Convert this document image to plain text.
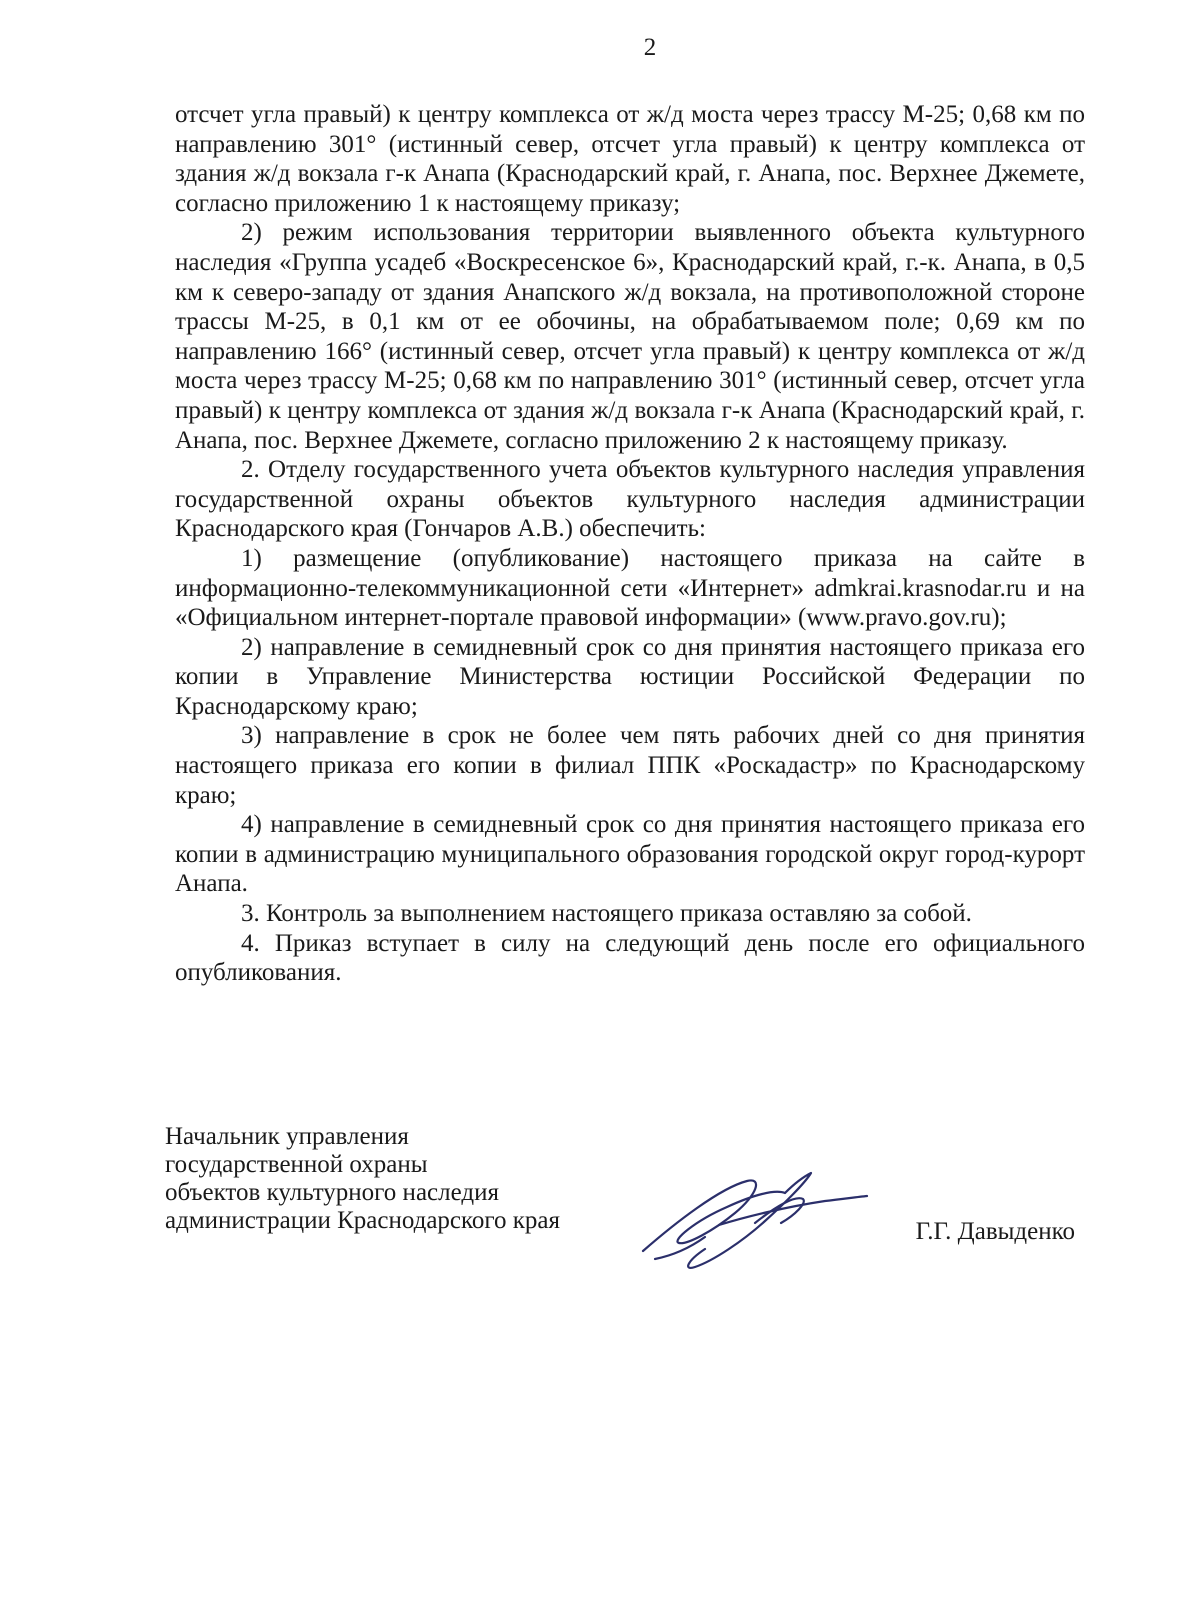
2

отсчет угла правый) к центру комплекса от ж/д моста через трассу М-25; 0,68 км по направлению 301° (истинный север, отсчет угла правый) к центру комплекса от здания ж/д вокзала г-к Анапа (Краснодарский край, г. Анапа, пос. Верхнее Джемете, согласно приложению 1 к настоящему приказу;

2) режим использования территории выявленного объекта культурного наследия «Группа усадеб «Воскресенское 6», Краснодарский край, г.-к. Анапа, в 0,5 км к северо-западу от здания Анапского ж/д вокзала, на противоположной стороне трассы М-25, в 0,1 км от ее обочины, на обрабатываемом поле; 0,69 км по направлению 166° (истинный север, отсчет угла правый) к центру комплекса от ж/д моста через трассу М-25; 0,68 км по направлению 301° (истинный север, отсчет угла правый) к центру комплекса от здания ж/д вокзала г-к Анапа (Краснодарский край, г. Анапа, пос. Верхнее Джемете, согласно приложению 2 к настоящему приказу.

2. Отделу государственного учета объектов культурного наследия управления государственной охраны объектов культурного наследия администрации Краснодарского края (Гончаров А.В.) обеспечить:

1) размещение (опубликование) настоящего приказа на сайте в информационно-телекоммуникационной сети «Интернет» admkrai.krasnodar.ru и на «Официальном интернет-портале правовой информации» (www.pravo.gov.ru);

2) направление в семидневный срок со дня принятия настоящего приказа его копии в Управление Министерства юстиции Российской Федерации по Краснодарскому краю;

3) направление в срок не более чем пять рабочих дней со дня принятия настоящего приказа его копии в филиал ППК «Роскадастр» по Краснодарскому краю;

4) направление в семидневный срок со дня принятия настоящего приказа его копии в администрацию муниципального образования городской округ город-курорт Анапа.

3. Контроль за выполнением настоящего приказа оставляю за собой.

4. Приказ вступает в силу на следующий день после его официального опубликования.

Начальник управления
государственной охраны
объектов культурного наследия
администрации Краснодарского края	Г.Г. Давыденко
